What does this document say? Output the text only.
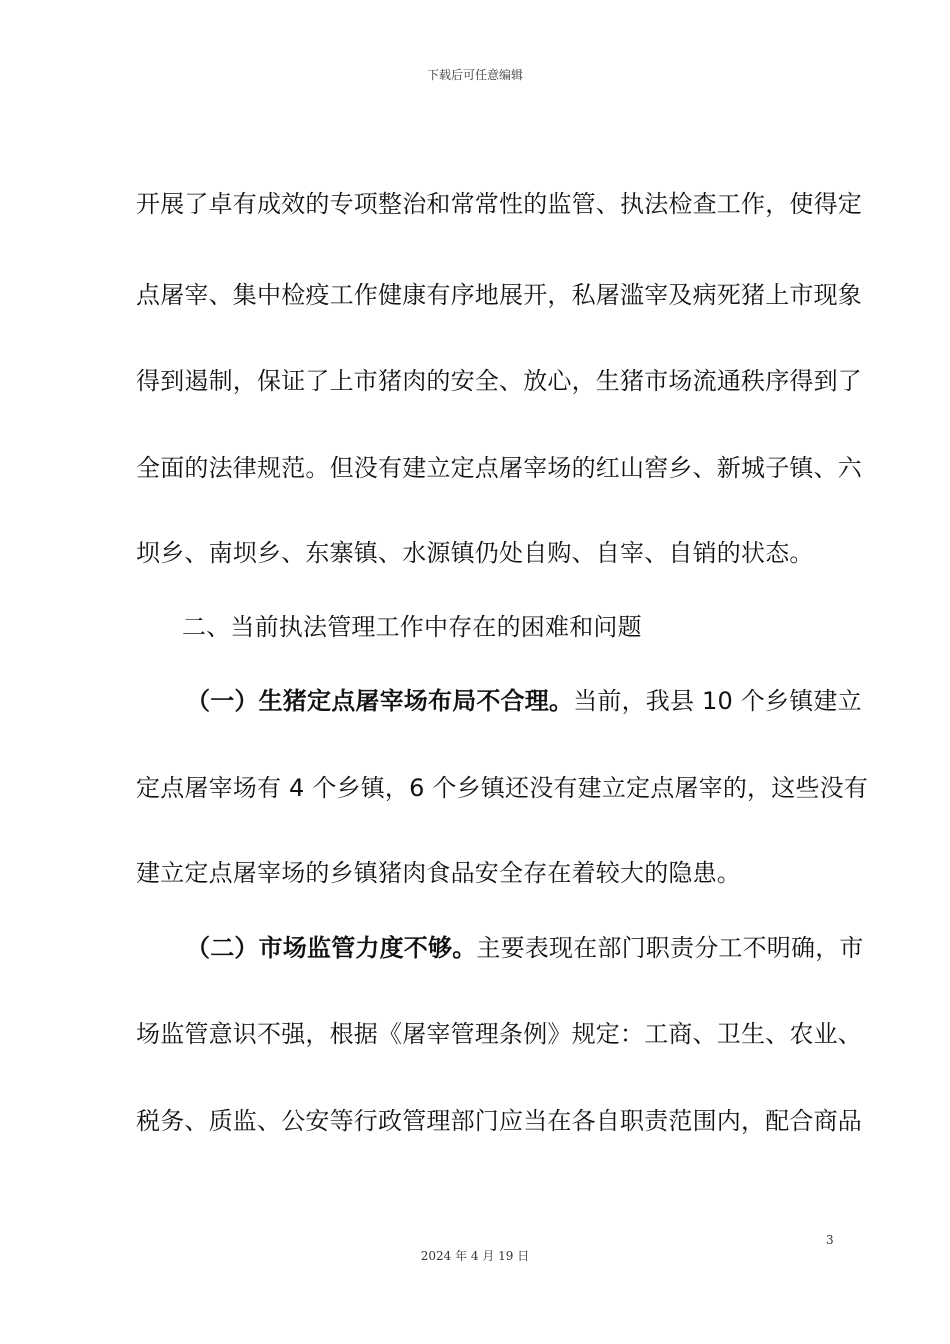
下载后可任意编辑
开展了卓有成效的专项整治和常常性的监管、执法检查工作，使得定
点屠宰、集中检疫工作健康有序地展开，私屠滥宰及病死猪上市现象
得到遏制，保证了上市猪肉的安全、放心，生猪市场流通秩序得到了
全面的法律规范。但没有建立定点屠宰场的红山窖乡、新城子镇、六
坝乡、南坝乡、东寨镇、水源镇仍处自购、自宰、自销的状态。
二、当前执法管理工作中存在的困难和问题
（一）生猪定点屠宰场布局不合理。当前，我县 10 个乡镇建立
定点屠宰场有 4 个乡镇，6 个乡镇还没有建立定点屠宰的，这些没有
建立定点屠宰场的乡镇猪肉食品安全存在着较大的隐患。
（二）市场监管力度不够。主要表现在部门职责分工不明确，市
场监管意识不强，根据《屠宰管理条例》规定：工商、卫生、农业、
税务、质监、公安等行政管理部门应当在各自职责范围内，配合商品
3
2024 年 4 月 19 日
